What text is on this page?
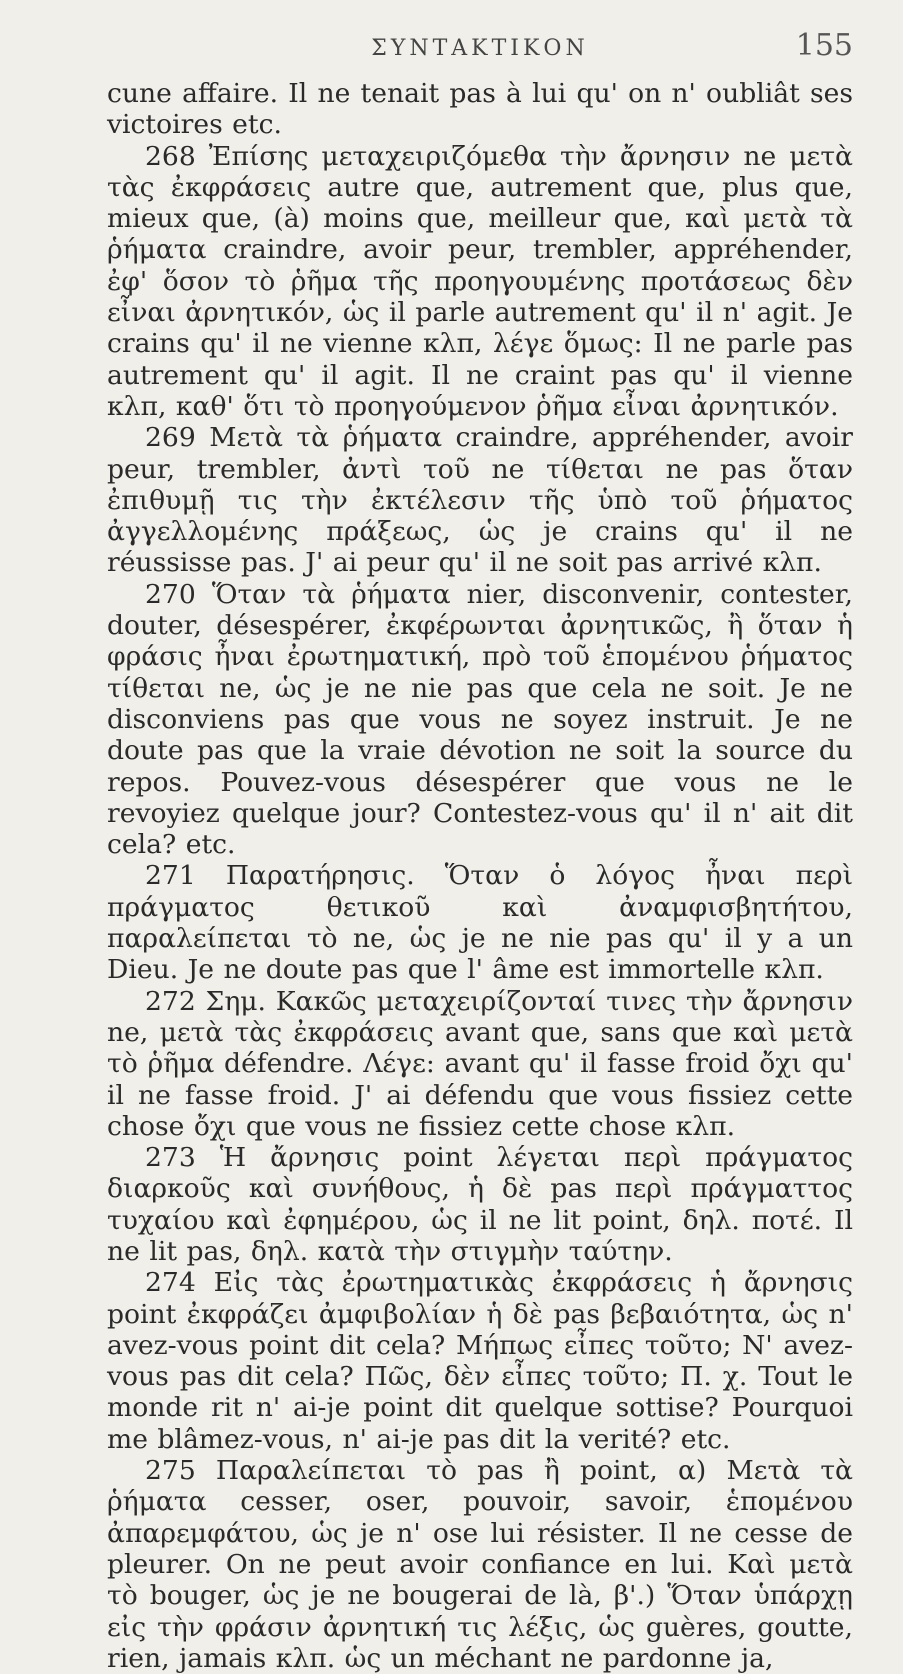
ΣΥΝΤΑΚΤΙΚΟΝ	155

cune affaire. Il ne tenait pas à lui qu' on n' oubliât ses victoires etc.

268 Ἐπίσης μεταχειριζόμεθα τὴν ἄρνησιν ne μετὰ τὰς ἐκφράσεις autre que, autrement que, plus que, mieux que, (à) moins que, meilleur que, καὶ μετὰ τὰ ῥήματα craindre, avoir peur, trembler, appréhender, ἐφ' ὅσον τὸ ῥῆμα τῆς προηγουμένης προτάσεως δὲν εἶναι ἀρνητικόν, ὡς il parle autrement qu' il n' agit. Je crains qu' il ne vienne κλπ, λέγε ὅμως: Il ne parle pas autrement qu' il agit. Il ne craint pas qu' il vienne κλπ, καθ' ὅτι τὸ προηγούμενον ῥῆμα εἶναι ἀρνητικόν.

269 Μετὰ τὰ ῥήματα craindre, appréhender, avoir peur, trembler, ἀντὶ τοῦ ne τίθεται ne pas ὅταν ἐπιθυμῇ τις τὴν ἐκτέλεσιν τῆς ὑπὸ τοῦ ῥήματος ἀγγελλομένης πράξεως, ὡς je crains qu' il ne réussisse pas. J' ai peur qu' il ne soit pas arrivé κλπ.

270 Ὅταν τὰ ῥήματα nier, disconvenir, contester, douter, désespérer, ἐκφέρωνται ἀρνητικῶς, ἢ ὅταν ἡ φράσις ἦναι ἐρωτηματική, πρὸ τοῦ ἑπομένου ῥήματος τίθεται ne, ὡς je ne nie pas que cela ne soit. Je ne disconviens pas que vous ne soyez instruit. Je ne doute pas que la vraie dévotion ne soit la source du repos. Pouvez-vous désespérer que vous ne le revoyiez quelque jour? Contestez-vous qu' il n' ait dit cela? etc.

271 Παρατήρησις. Ὅταν ὁ λόγος ἦναι περὶ πράγματος θετικοῦ καὶ ἀναμφισβητήτου, παραλείπεται τὸ ne, ὡς je ne nie pas qu' il y a un Dieu. Je ne doute pas que l' âme est immortelle κλπ.

272 Σημ. Κακῶς μεταχειρίζονταί τινες τὴν ἄρνησιν ne, μετὰ τὰς ἐκφράσεις avant que, sans que καὶ μετὰ τὸ ῥῆμα défendre. Λέγε: avant qu' il fasse froid ὄχι qu' il ne fasse froid. J' ai défendu que vous fissiez cette chose ὄχι que vous ne fissiez cette chose κλπ.

273 Ἡ ἄρνησις point λέγεται περὶ πράγματος διαρκοῦς καὶ συνήθους, ἡ δὲ pas περὶ πράγματτος τυχαίου καὶ ἐφημέρου, ὡς il ne lit point, δηλ. ποτέ. Il ne lit pas, δηλ. κατὰ τὴν στιγμὴν ταύτην.

274 Εἰς τὰς ἐρωτηματικὰς ἐκφράσεις ἡ ἄρνησις point ἐκφράζει ἀμφιβολίαν ἡ δὲ pas βεβαιότητα, ὡς n' avez-vous point dit cela? Μήπως εἶπες τοῦτο; N' avez-vous pas dit cela? Πῶς, δὲν εἶπες τοῦτο; Π. χ. Tout le monde rit n' ai-je point dit quelque sottise? Pourquoi me blâmez-vous, n' ai-je pas dit la verité? etc.

275 Παραλείπεται τὸ pas ἢ point, α) Μετὰ τὰ ῥήματα cesser, oser, pouvoir, savoir, ἑπομένου ἀπαρεμφάτου, ὡς je n' ose lui résister. Il ne cesse de pleurer. On ne peut avoir confiance en lui. Καὶ μετὰ τὸ bouger, ὡς je ne bougerai de là, β'.) Ὅταν ὑπάρχῃ εἰς τὴν φράσιν ἀρνητική τις λέξις, ὡς guères, goutte, rien, jamais κλπ. ὡς un méchant ne pardonne ja,
